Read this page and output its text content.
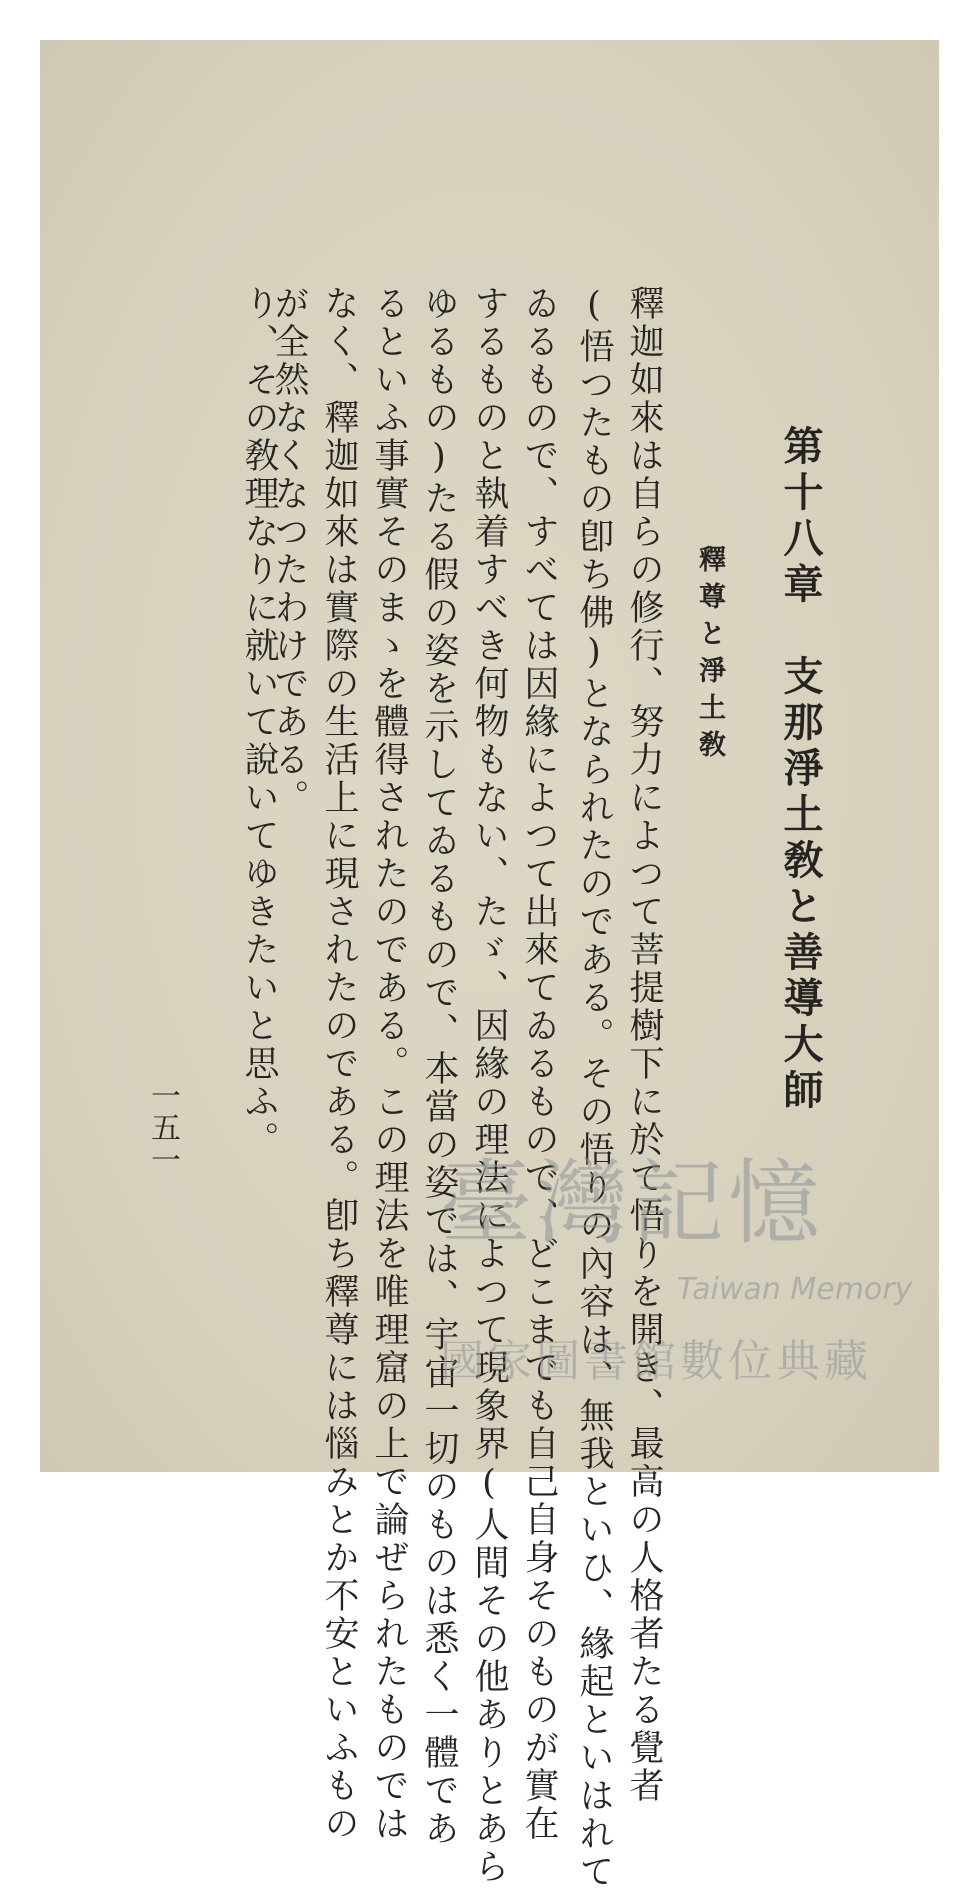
り、その敎理なりに就いて說いてゆきたいと思ふ。	第十八章　支那淨土敎と善導大師
釋尊と淨土敎
釋迦如來は自らの修行、努力によつて菩提樹下に於て悟りを開き、最高の人格者たる覺者
(悟つたもの卽ち佛)となられたのである。その悟りの內容は、無我といひ、緣起といはれて
ゐるもので、すべては因緣によつて出來てゐるもので、どこまでも自己自身そのものが實在
するものと執着すべき何物もない、たゞ、因緣の理法によつて現象界(人間その他ありとあら
ゆるもの)たる假の姿を示してゐるもので、本當の姿では、宇宙一切のものは悉く一體であ
るといふ事實そのまゝを體得されたのである。この理法を唯理窟の上で論ぜられたものでは
なく、釋迦如來は實際の生活上に現されたのである。卽ち釋尊には惱みとか不安といふもの
が全然なくなつたわけである。
一五一
臺灣記憶
Taiwan Memory
國家圖書館數位典藏
